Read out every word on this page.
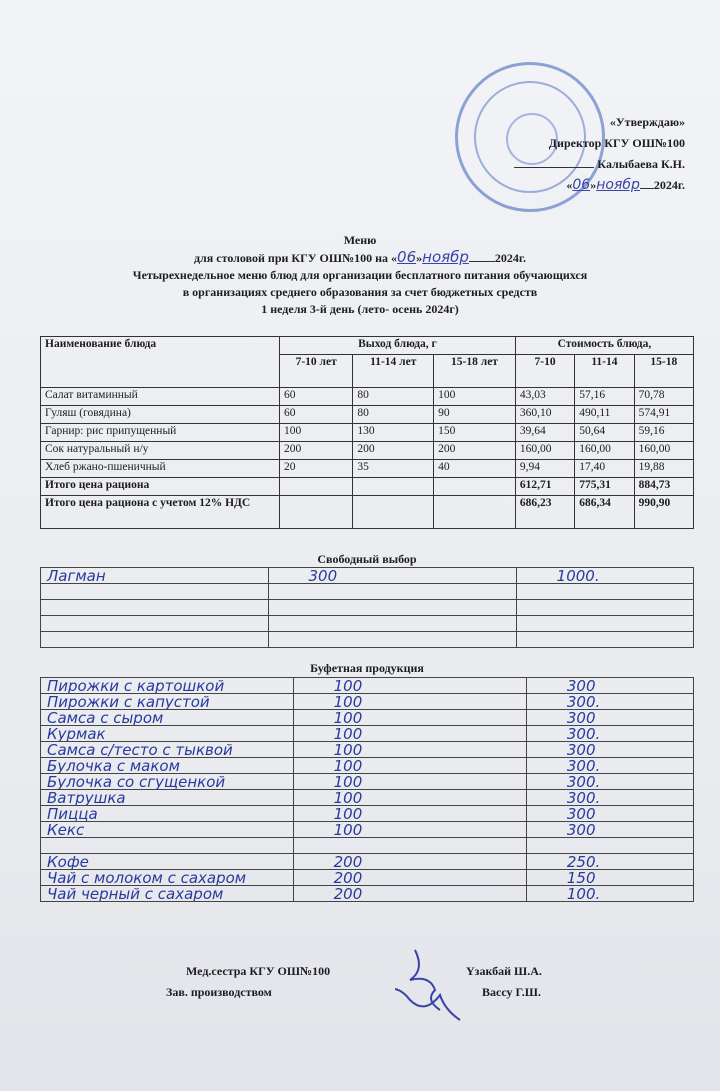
«Утверждаю»
Директор КГУ ОШ№100
Калыбаева К.Н.
«06»ноябр 2024г.
Меню
для столовой при КГУ ОШ№100 на «06»ноябр 2024г.
Четырехнедельное меню блюд для организации бесплатного питания обучающихся
в организациях среднего образования за счет бюджетных средств
1 неделя 3-й день (лето- осень 2024г)
Наименование блюда	Выход блюда, г			Стоимость блюда,		
	7-10 лет	11-14 лет	15-18 лет	7-10	11-14	15-18
Салат витаминный	60	80	100	43,03	57,16	70,78
Гуляш (говядина)	60	80	90	360,10	490,11	574,91
Гарнир: рис припущенный	100	130	150	39,64	50,64	59,16
Сок натуральный н/у	200	200	200	160,00	160,00	160,00
Хлеб ржано-пшеничный	20	35	40	9,94	17,40	19,88
Итого цена рациона				612,71	775,31	884,73
Итого цена рациона с учетом 12% НДС				686,23	686,34	990,90
Свободный выбор
Лагман	300	1000.

Буфетная продукция
Пирожки с картошкой	100	300
Пирожки с капустой	100	300.
Самса с сыром	100	300
Курмак	100	300.
Самса с/тесто с тыквой	100	300
Булочка с маком	100	300.
Булочка со сгущенкой	100	300.
Ватрушка	100	300.
Пицца	100	300
Кекс	100	300

Кофе	200	250.
Чай с молоком с сахаром	200	150
Чай черный с сахаром	200	100.
Мед.сестра КГУ ОШ№100	Үзакбай Ш.А.
Зав. производством	Вассу Г.Ш.
